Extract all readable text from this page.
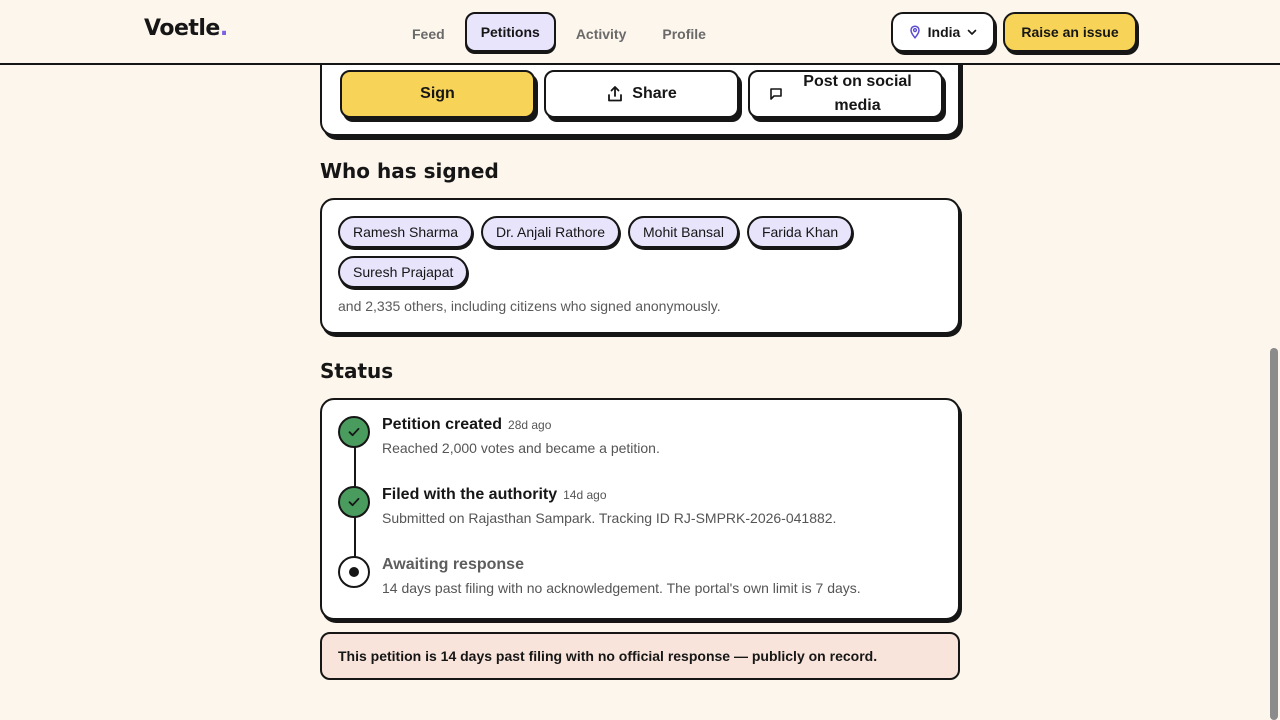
Voetle.	Feed	Petitions	Activity	Profile	India	Raise an issue
Sign	Share
Post on social media
Who has signed
Ramesh Sharma	Dr. Anjali Rathore	Mohit Bansal	Farida Khan
Suresh Prajapat
and 2,335 others, including citizens who signed anonymously.
Status
Petition created 28d ago
Reached 2,000 votes and became a petition.
Filed with the authority 14d ago
Submitted on Rajasthan Sampark. Tracking ID RJ-SMPRK-2026-041882.
Awaiting response
14 days past filing with no acknowledgement. The portal's own limit is 7 days.
This petition is 14 days past filing with no official response — publicly on record.
